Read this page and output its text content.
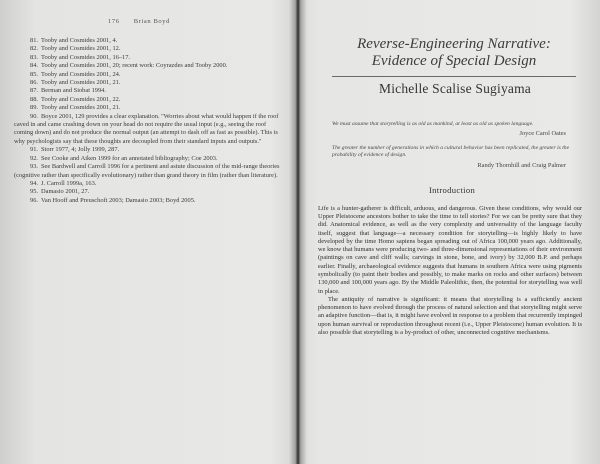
176 Brian Boyd
81. Tooby and Cosmides 2001, 4.
82. Tooby and Cosmides 2001, 12.
83. Tooby and Cosmides 2001, 16–17.
84. Tooby and Cosmides 2001, 20; recent work: Coyrazdes and Tooby 2000.
85. Tooby and Cosmides 2001, 24.
86. Tooby and Cosmides 2001, 21.
87. Berman and Siobat 1994.
88. Tooby and Cosmides 2001, 22.
89. Tooby and Cosmides 2001, 21.
90. Boyce 2001, 129 provides a clear explanation. "Worries about what would happen if the roof caved in and came crashing down on your head do not require the usual input (e.g., seeing the roof coming down) and do not produce the normal output (an attempt to dash off as fast as possible). This is why psychologists say that these thoughts are decoupled from their standard inputs and outputs."
91. Storr 1977, 4; Jolly 1999, 287.
92. See Cooke and Aiken 1999 for an annotated bibliography; Coe 2003.
93. See Bardwell and Carroll 1996 for a pertinent and astute discussion of the mid-range theories (cognitive rather than specifically evolutionary) rather than grand theory in film (rather than literature).
94. J. Carroll 1999a, 163.
95. Damasio 2001, 27.
96. Van Hooff and Preuschoft 2003; Damasio 2003; Boyd 2005.
Reverse-Engineering Narrative:
Evidence of Special Design
Michelle Scalise Sugiyama
We must assume that storytelling is as old as mankind, at least as old as spoken language.
Joyce Carol Oates
The greater the number of generations in which a cultural behavior has been replicated, the greater is the probability of evidence of design.
Randy Thornhill and Craig Palmer
Introduction

Life is a hunter-gatherer is difficult, arduous, and dangerous. Given these conditions, why would our Upper Pleistocene ancestors bother to take the time to tell stories? For we can be pretty sure that they did. Anatomical evidence, as well as the very complexity and universality of the language faculty itself, suggest that language—a necessary condition for storytelling—is highly likely to have developed by the time Homo sapiens began spreading out of Africa 100,000 years ago. Additionally, we know that humans were producing two- and three-dimensional representations of their environment (paintings on cave and cliff walls; carvings in stone, bone, and ivory) by 32,000 B.P. and perhaps earlier. Finally, archaeological evidence suggests that humans in southern Africa were using pigments symbolically (to paint their bodies and possibly, to make marks on rocks and other surfaces) between 130,000 and 100,000 years ago. By the Middle Paleolithic, then, the potential for storytelling was well in place.

The antiquity of narrative is significant: it means that storytelling is a sufficiently ancient phenomenon to have evolved through the process of natural selection and that storytelling might serve an adaptive function—that is, it might have evolved in response to a problem that recurrently impinged upon human survival or reproduction throughout recent (i.e., Upper Pleistocene) human evolution. It is also possible that storytelling is a by-product of other, unconnected cognitive mechanisms.
